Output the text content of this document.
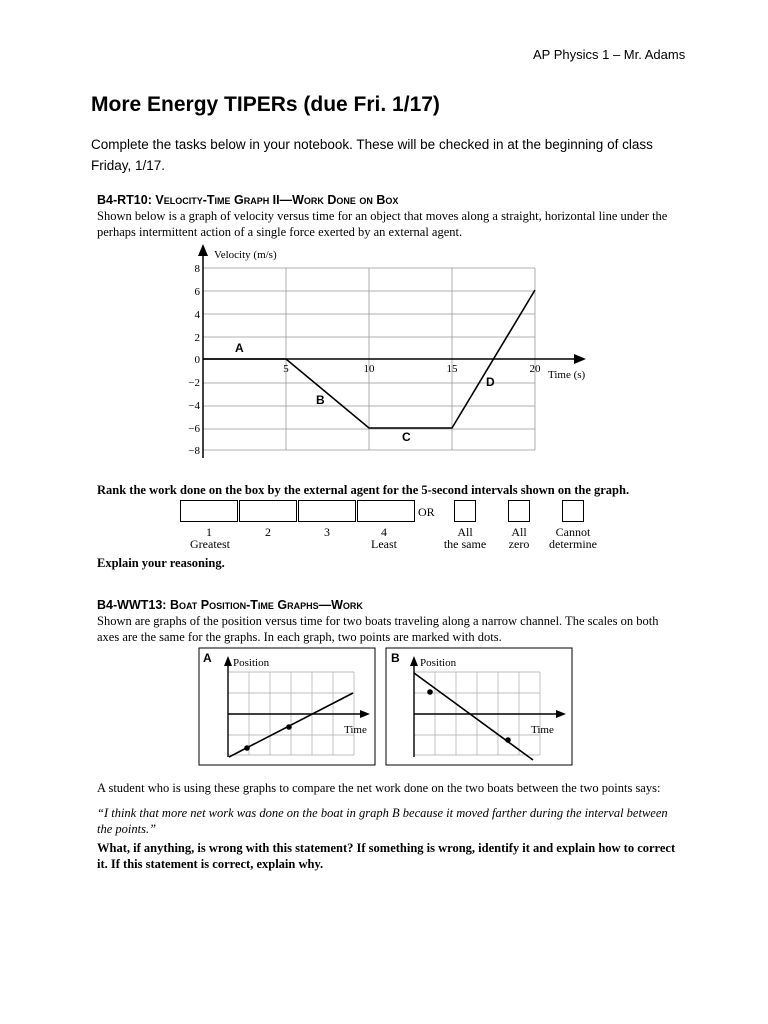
AP Physics 1 – Mr. Adams
More Energy TIPERs (due Fri. 1/17)
Complete the tasks below in your notebook. These will be checked in at the beginning of class Friday, 1/17.
B4-RT10: Velocity-Time Graph II—Work Done on Box
Shown below is a graph of velocity versus time for an object that moves along a straight, horizontal line under the
perhaps intermittent action of a single force exerted by an external agent.
Velocity (m/s)
Time (s)
8
6
4
2
0
−2
−4
−6
−8
5	10	15	20
A
B
C
D
Rank the work done on the box by the external agent for the 5-second intervals shown on the graph.
OR
1
Greatest
2	3	4
Least
All
the same
All
zero
Cannot
determine
Explain your reasoning.
B4-WWT13: Boat Position-Time Graphs—Work
Shown are graphs of the position versus time for two boats traveling along a narrow channel. The scales on both
axes are the same for the graphs. In each graph, two points are marked with dots.
A Position
Time
B Position
Time
A student who is using these graphs to compare the net work done on the two boats between the two points says:
“I think that more net work was done on the boat in graph B because it moved farther during the interval between
the points.”
What, if anything, is wrong with this statement? If something is wrong, identify it and explain how to correct
it. If this statement is correct, explain why.
